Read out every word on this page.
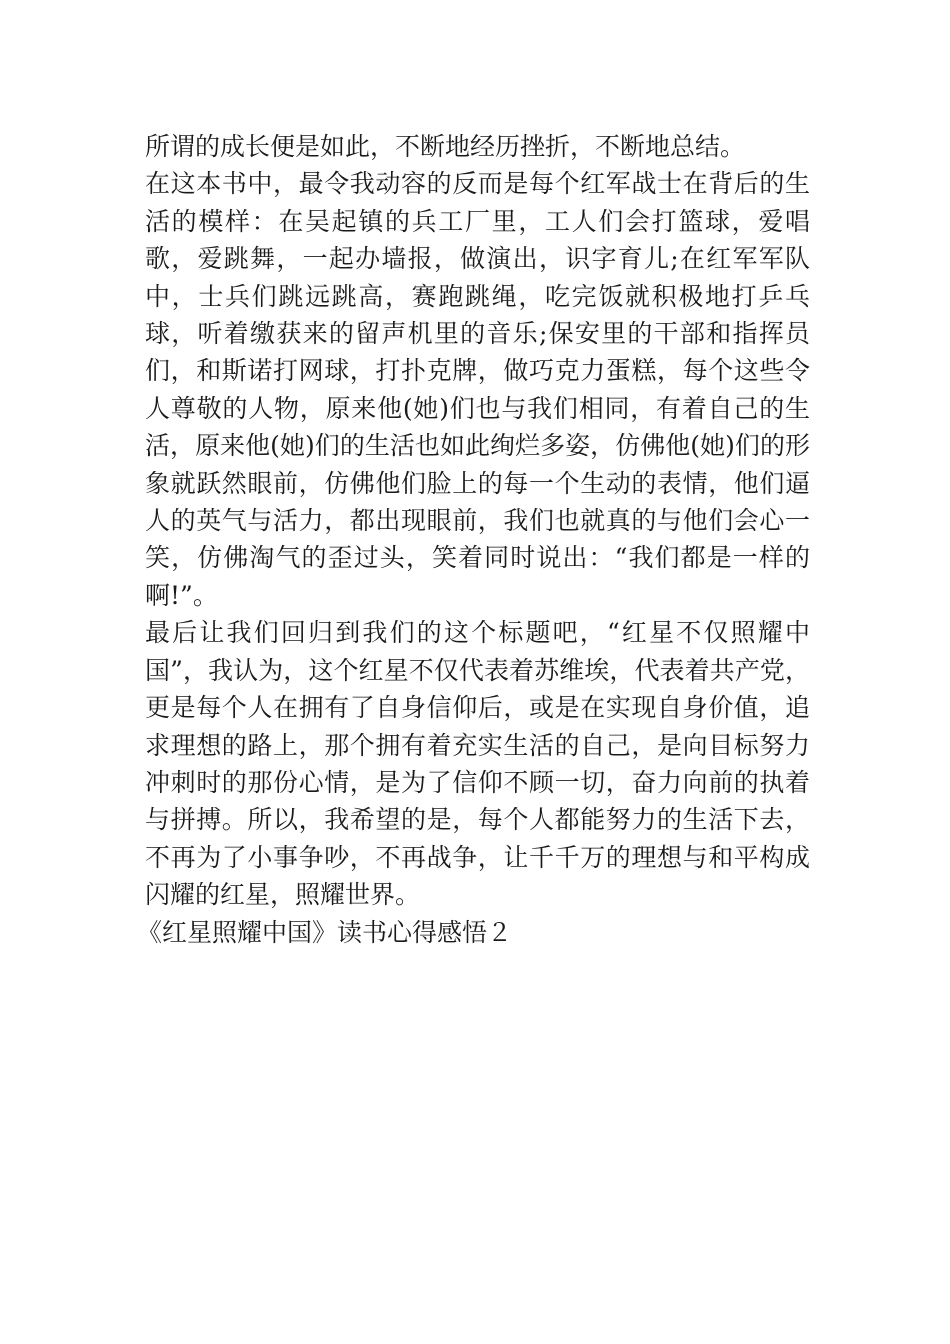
所谓的成长便是如此，不断地经历挫折，不断地总结。

在这本书中，最令我动容的反而是每个红军战士在背后的生活的模样：在吴起镇的兵工厂里，工人们会打篮球，爱唱歌，爱跳舞，一起办墙报，做演出，识字育儿;在红军军队中，士兵们跳远跳高，赛跑跳绳，吃完饭就积极地打乒乓球，听着缴获来的留声机里的音乐;保安里的干部和指挥员们，和斯诺打网球，打扑克牌，做巧克力蛋糕，每个这些令人尊敬的人物，原来他(她)们也与我们相同，有着自己的生活，原来他(她)们的生活也如此绚烂多姿，仿佛他(她)们的形象就跃然眼前，仿佛他们脸上的每一个生动的表情，他们逼人的英气与活力，都出现眼前，我们也就真的与他们会心一笑，仿佛淘气的歪过头，笑着同时说出：“我们都是一样的啊!”。

最后让我们回归到我们的这个标题吧，“红星不仅照耀中国”，我认为，这个红星不仅代表着苏维埃，代表着共产党，更是每个人在拥有了自身信仰后，或是在实现自身价值，追求理想的路上，那个拥有着充实生活的自己，是向目标努力冲刺时的那份心情，是为了信仰不顾一切，奋力向前的执着与拼搏。所以，我希望的是，每个人都能努力的生活下去，不再为了小事争吵，不再战争，让千千万的理想与和平构成闪耀的红星，照耀世界。

《红星照耀中国》读书心得感悟２
